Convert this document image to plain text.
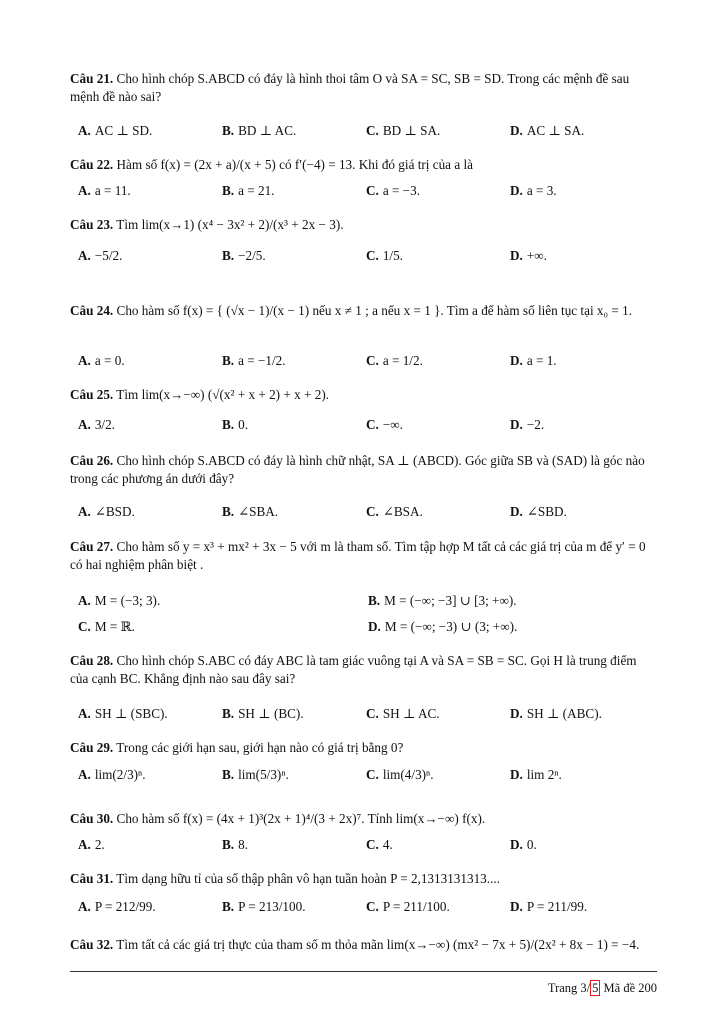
Câu 21. Cho hình chóp S.ABCD có đáy là hình thoi tâm O và SA = SC, SB = SD. Trong các mệnh đề sau mệnh đề nào sai?
A. AC ⊥ SD.	B. BD ⊥ AC.	C. BD ⊥ SA.	D. AC ⊥ SA.
Câu 22. Hàm số f(x) = (2x + a)/(x + 5) có f′(−4) = 13. Khi đó giá trị của a là
A. a = 11.	B. a = 21.	C. a = −3.	D. a = 3.
Câu 23. Tìm lim(x→1) (x⁴ − 3x² + 2)/(x³ + 2x − 3).
A. −5/2.	B. −2/5.	C. 1/5.	D. +∞.
Câu 24. Cho hàm số f(x) = { (√x − 1)/(x − 1) nếu x ≠ 1 ; a nếu x = 1 }. Tìm a để hàm số liên tục tại x₀ = 1.
A. a = 0.	B. a = −1/2.	C. a = 1/2.	D. a = 1.
Câu 25. Tìm lim(x→−∞) (√(x² + x + 2) + x + 2).
A. 3/2.	B. 0.	C. −∞.	D. −2.
Câu 26. Cho hình chóp S.ABCD có đáy là hình chữ nhật, SA ⊥ (ABCD). Góc giữa SB và (SAD) là góc nào trong các phương án dưới đây?
A. ∠BSD.	B. ∠SBA.	C. ∠BSA.	D. ∠SBD.
Câu 27. Cho hàm số y = x³ + mx² + 3x − 5 với m là tham số. Tìm tập hợp M tất cả các giá trị của m để y′ = 0 có hai nghiệm phân biệt .
A. M = (−3; 3).	B. M = (−∞; −3] ∪ [3; +∞).
C. M = ℝ.	D. M = (−∞; −3) ∪ (3; +∞).
Câu 28. Cho hình chóp S.ABC có đáy ABC là tam giác vuông tại A và SA = SB = SC. Gọi H là trung điểm của cạnh BC. Khẳng định nào sau đây sai?
A. SH ⊥ (SBC).	B. SH ⊥ (BC).	C. SH ⊥ AC.	D. SH ⊥ (ABC).
Câu 29. Trong các giới hạn sau, giới hạn nào có giá trị bằng 0?
A. lim(2/3)ⁿ.	B. lim(5/3)ⁿ.	C. lim(4/3)ⁿ.	D. lim 2ⁿ.
Câu 30. Cho hàm số f(x) = (4x + 1)³(2x + 1)⁴/(3 + 2x)⁷. Tính lim(x→−∞) f(x).
A. 2.	B. 8.	C. 4.	D. 0.
Câu 31. Tìm dạng hữu tỉ của số thập phân vô hạn tuần hoàn P = 2,1313131313....
A. P = 212/99.	B. P = 213/100.	C. P = 211/100.	D. P = 211/99.
Câu 32. Tìm tất cả các giá trị thực của tham số m thỏa mãn lim(x→−∞) (mx² − 7x + 5)/(2x² + 8x − 1) = −4.
Trang 3/ 5 Mã đề 200
